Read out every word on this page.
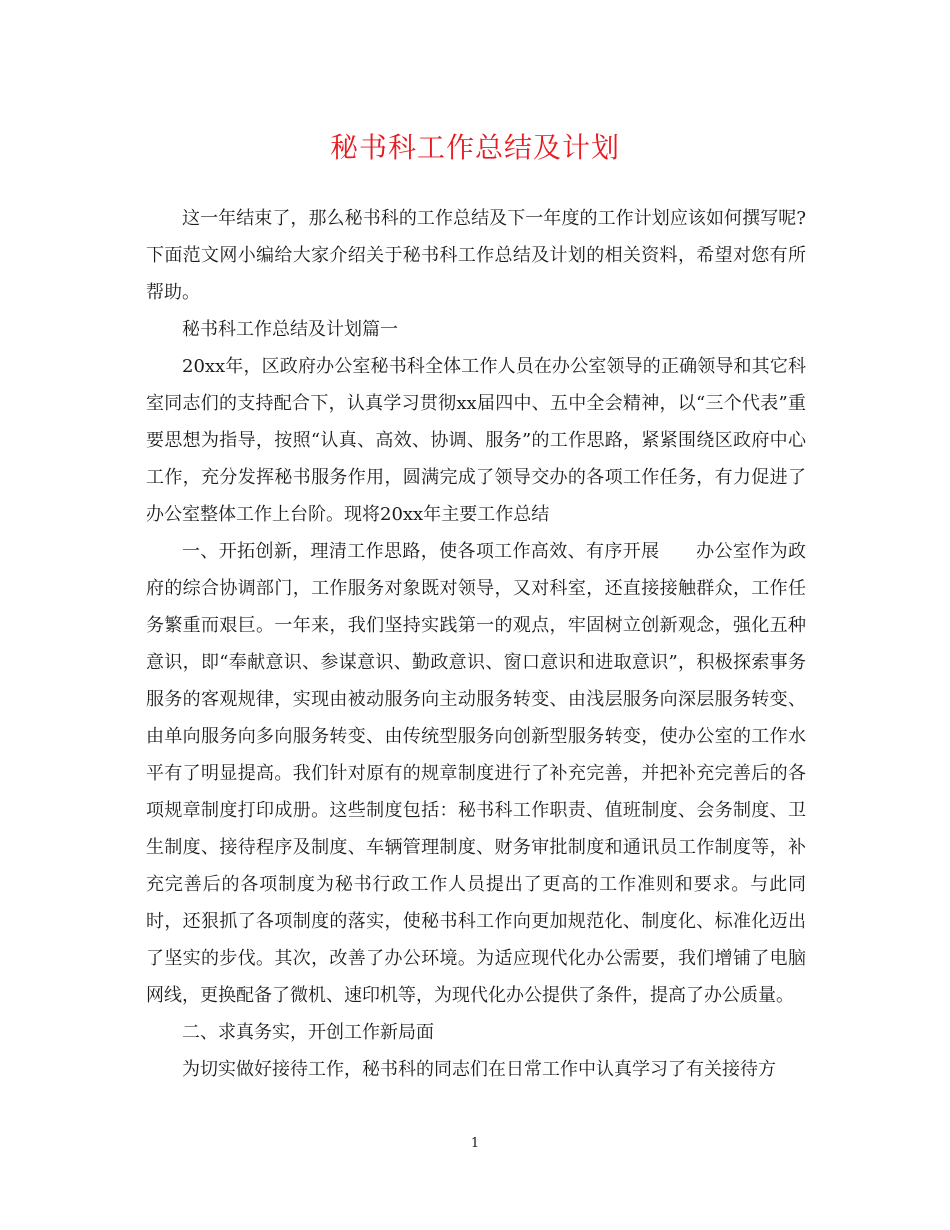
秘书科工作总结及计划

这一年结束了，那么秘书科的工作总结及下一年度的工作计划应该如何撰写呢?下面范文网小编给大家介绍关于秘书科工作总结及计划的相关资料，希望对您有所帮助。

秘书科工作总结及计划篇一

20xx年，区政府办公室秘书科全体工作人员在办公室领导的正确领导和其它科室同志们的支持配合下，认真学习贯彻xx届四中、五中全会精神，以“三个代表”重要思想为指导，按照“认真、高效、协调、服务”的工作思路，紧紧围绕区政府中心工作，充分发挥秘书服务作用，圆满完成了领导交办的各项工作任务，有力促进了办公室整体工作上台阶。现将20xx年主要工作总结

一、开拓创新，理清工作思路，使各项工作高效、有序开展　　办公室作为政府的综合协调部门，工作服务对象既对领导，又对科室，还直接接触群众，工作任务繁重而艰巨。一年来，我们坚持实践第一的观点，牢固树立创新观念，强化五种意识，即“奉献意识、参谋意识、勤政意识、窗口意识和进取意识”，积极探索事务服务的客观规律，实现由被动服务向主动服务转变、由浅层服务向深层服务转变、由单向服务向多向服务转变、由传统型服务向创新型服务转变，使办公室的工作水平有了明显提高。我们针对原有的规章制度进行了补充完善，并把补充完善后的各项规章制度打印成册。这些制度包括：秘书科工作职责、值班制度、会务制度、卫生制度、接待程序及制度、车辆管理制度、财务审批制度和通讯员工作制度等，补充完善后的各项制度为秘书行政工作人员提出了更高的工作准则和要求。与此同时，还狠抓了各项制度的落实，使秘书科工作向更加规范化、制度化、标准化迈出了坚实的步伐。其次，改善了办公环境。为适应现代化办公需要，我们增铺了电脑网线，更换配备了微机、速印机等，为现代化办公提供了条件，提高了办公质量。

二、求真务实，开创工作新局面

为切实做好接待工作，秘书科的同志们在日常工作中认真学习了有关接待方

1
